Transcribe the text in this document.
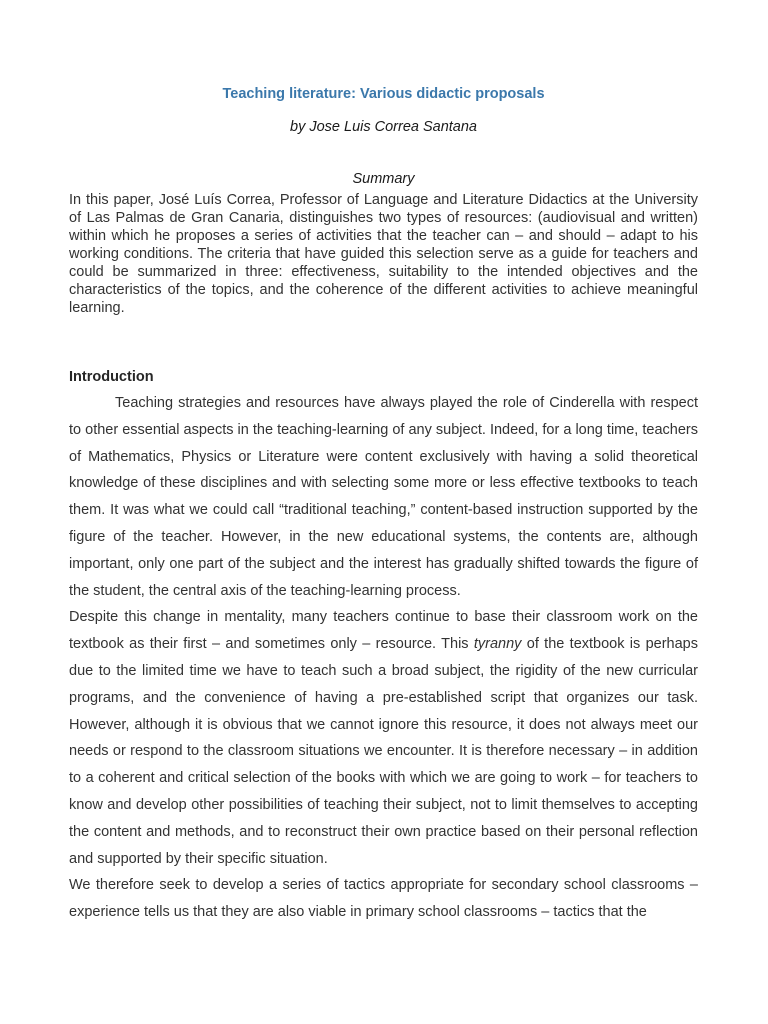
Teaching literature: Various didactic proposals

by Jose Luis Correa Santana

Summary

In this paper, José Luís Correa, Professor of Language and Literature Didactics at the University of Las Palmas de Gran Canaria, distinguishes two types of resources: (audiovisual and written) within which he proposes a series of activities that the teacher can – and should – adapt to his working conditions. The criteria that have guided this selection serve as a guide for teachers and could be summarized in three: effectiveness, suitability to the intended objectives and the characteristics of the topics, and the coherence of the different activities to achieve meaningful learning.

Introduction

Teaching strategies and resources have always played the role of Cinderella with respect to other essential aspects in the teaching-learning of any subject. Indeed, for a long time, teachers of Mathematics, Physics or Literature were content exclusively with having a solid theoretical knowledge of these disciplines and with selecting some more or less effective textbooks to teach them. It was what we could call “traditional teaching,” content-based instruction supported by the figure of the teacher. However, in the new educational systems, the contents are, although important, only one part of the subject and the interest has gradually shifted towards the figure of the student, the central axis of the teaching-learning process.

Despite this change in mentality, many teachers continue to base their classroom work on the textbook as their first – and sometimes only – resource. This tyranny of the textbook is perhaps due to the limited time we have to teach such a broad subject, the rigidity of the new curricular programs, and the convenience of having a pre-established script that organizes our task. However, although it is obvious that we cannot ignore this resource, it does not always meet our needs or respond to the classroom situations we encounter. It is therefore necessary – in addition to a coherent and critical selection of the books with which we are going to work – for teachers to know and develop other possibilities of teaching their subject, not to limit themselves to accepting the content and methods, and to reconstruct their own practice based on their personal reflection and supported by their specific situation.

We therefore seek to develop a series of tactics appropriate for secondary school classrooms – experience tells us that they are also viable in primary school classrooms – tactics that the
